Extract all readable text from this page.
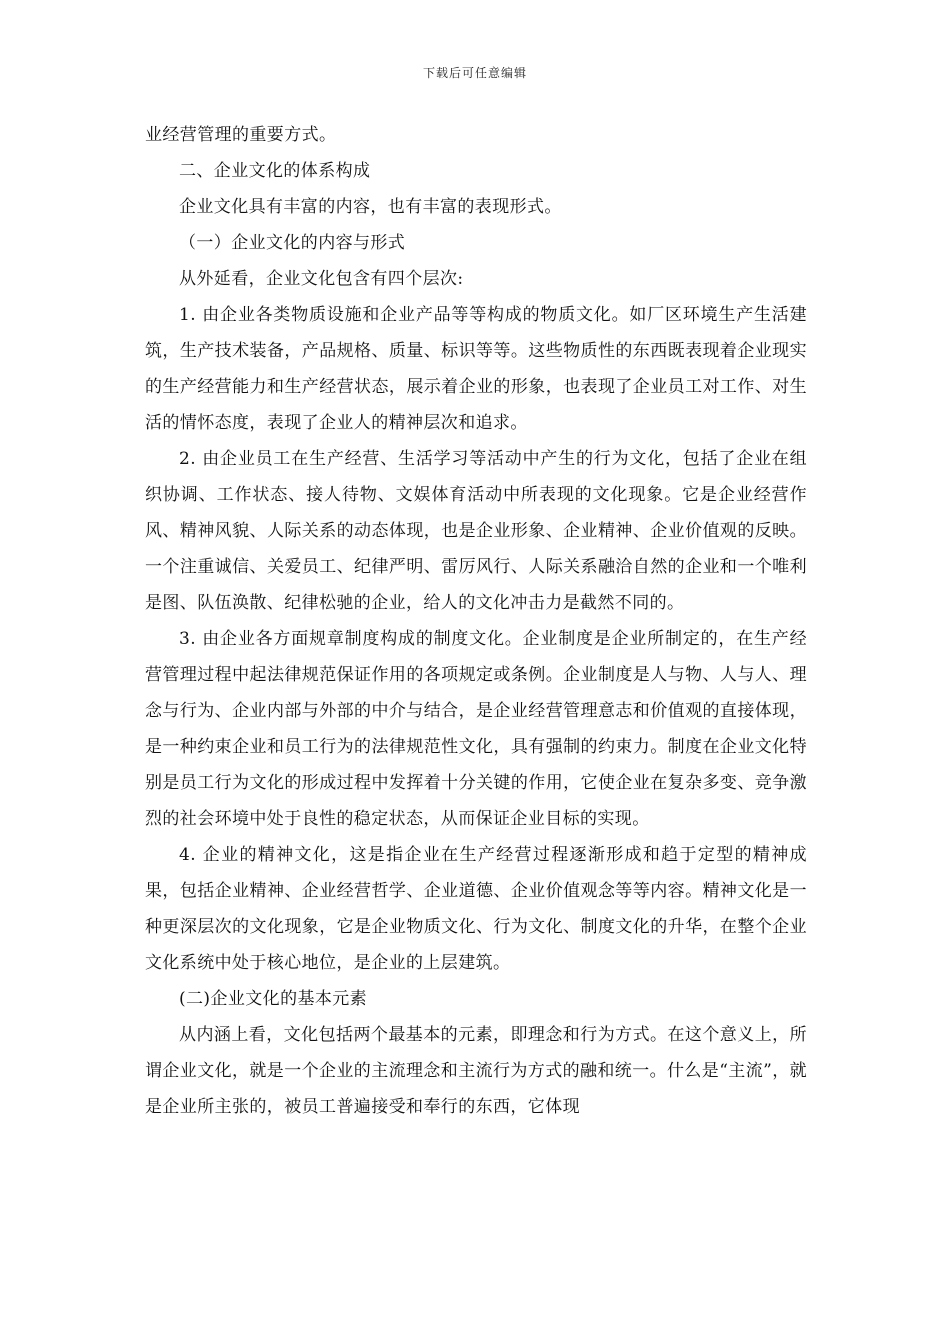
下载后可任意编辑

业经营管理的重要方式。

二、企业文化的体系构成

企业文化具有丰富的内容，也有丰富的表现形式。

（一）企业文化的内容与形式

从外延看，企业文化包含有四个层次:

1. 由企业各类物质设施和企业产品等等构成的物质文化。如厂区环境生产生活建筑，生产技术装备，产品规格、质量、标识等等。这些物质性的东西既表现着企业现实的生产经营能力和生产经营状态，展示着企业的形象，也表现了企业员工对工作、对生活的情怀态度，表现了企业人的精神层次和追求。

2. 由企业员工在生产经营、生活学习等活动中产生的行为文化，包括了企业在组织协调、工作状态、接人待物、文娱体育活动中所表现的文化现象。它是企业经营作风、精神风貌、人际关系的动态体现，也是企业形象、企业精神、企业价值观的反映。一个注重诚信、关爱员工、纪律严明、雷厉风行、人际关系融洽自然的企业和一个唯利是图、队伍涣散、纪律松驰的企业，给人的文化冲击力是截然不同的。

3. 由企业各方面规章制度构成的制度文化。企业制度是企业所制定的，在生产经营管理过程中起法律规范保证作用的各项规定或条例。企业制度是人与物、人与人、理念与行为、企业内部与外部的中介与结合，是企业经营管理意志和价值观的直接体现，是一种约束企业和员工行为的法律规范性文化，具有强制的约束力。制度在企业文化特别是员工行为文化的形成过程中发挥着十分关键的作用，它使企业在复杂多变、竞争激烈的社会环境中处于良性的稳定状态，从而保证企业目标的实现。

4. 企业的精神文化，这是指企业在生产经营过程逐渐形成和趋于定型的精神成果，包括企业精神、企业经营哲学、企业道德、企业价值观念等等内容。精神文化是一种更深层次的文化现象，它是企业物质文化、行为文化、制度文化的升华，在整个企业文化系统中处于核心地位，是企业的上层建筑。

(二)企业文化的基本元素

从内涵上看，文化包括两个最基本的元素，即理念和行为方式。在这个意义上，所谓企业文化，就是一个企业的主流理念和主流行为方式的融和统一。什么是“主流”，就是企业所主张的，被员工普遍接受和奉行的东西，它体现
